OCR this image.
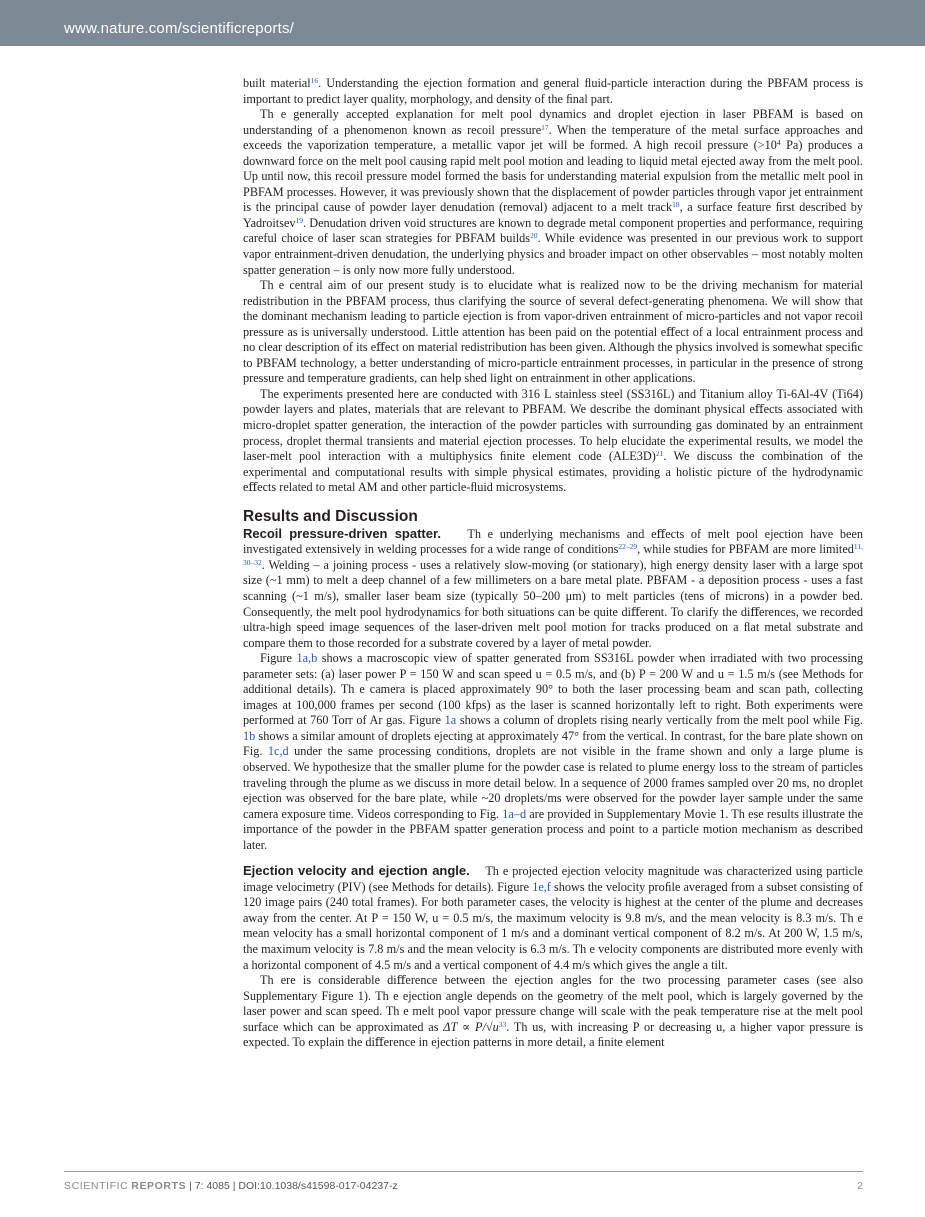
www.nature.com/scientificreports/

built material$^{16}$. Understanding the ejection formation and general ﬂuid-particle interaction during the PBFAM process is important to predict layer quality, morphology, and density of the ﬁnal part.

Th e generally accepted explanation for melt pool dynamics and droplet ejection in laser PBFAM is based on understanding of a phenomenon known as recoil pressure$^{17}$. When the temperature of the metal surface approaches and exceeds the vaporization temperature, a metallic vapor jet will be formed. A high recoil pressure ($>10^4$ Pa) produces a downward force on the melt pool causing rapid melt pool motion and leading to liquid metal ejected away from the melt pool. Up until now, this recoil pressure model formed the basis for understanding material expulsion from the metallic melt pool in PBFAM processes. However, it was previously shown that the displacement of powder particles through vapor jet entrainment is the principal cause of powder layer denudation (removal) adjacent to a melt track$^{18}$, a surface feature ﬁrst described by Yadroitsev$^{19}$. Denudation driven void structures are known to degrade metal component properties and performance, requiring careful choice of laser scan strategies for PBFAM builds$^{20}$. While evidence was presented in our previous work to support vapor entrainment-driven denudation, the underlying physics and broader impact on other observables – most notably molten spatter generation – is only now more fully understood.

Th e central aim of our present study is to elucidate what is realized now to be the driving mechanism for material redistribution in the PBFAM process, thus clarifying the source of several defect-generating phenomena. We will show that the dominant mechanism leading to particle ejection is from vapor-driven entrainment of micro-particles and not vapor recoil pressure as is universally understood. Little attention has been paid on the potential eﬀect of a local entrainment process and no clear description of its eﬀect on material redistribution has been given. Although the physics involved is somewhat speciﬁc to PBFAM technology, a better understanding of micro-particle entrainment processes, in particular in the presence of strong pressure and temperature gradients, can help shed light on entrainment in other applications.

The experiments presented here are conducted with 316 L stainless steel (SS316L) and Titanium alloy Ti-6Al-4V (Ti64) powder layers and plates, materials that are relevant to PBFAM. We describe the dominant physical eﬀects associated with micro-droplet spatter generation, the interaction of the powder particles with surrounding gas dominated by an entrainment process, droplet thermal transients and material ejection processes. To help elucidate the experimental results, we model the laser-melt pool interaction with a multiphysics ﬁnite element code (ALE3D)$^{21}$. We discuss the combination of the experimental and computational results with simple physical estimates, providing a holistic picture of the hydrodynamic eﬀects related to metal AM and other particle-ﬂuid microsystems.

Results and Discussion

Recoil pressure-driven spatter. Th e underlying mechanisms and eﬀects of melt pool ejection have been investigated extensively in welding processes for a wide range of conditions$^{22-29}$, while studies for PBFAM are more limited$^{11, 30-32}$. Welding – a joining process - uses a relatively slow-moving (or stationary), high energy density laser with a large spot size (~1 mm) to melt a deep channel of a few millimeters on a bare metal plate. PBFAM - a deposition process - uses a fast scanning (~1 m/s), smaller laser beam size (typically 50–200 μm) to melt particles (tens of microns) in a powder bed. Consequently, the melt pool hydrodynamics for both situations can be quite diﬀerent. To clarify the diﬀerences, we recorded ultra-high speed image sequences of the laser-driven melt pool motion for tracks produced on a ﬂat metal substrate and compare them to those recorded for a substrate covered by a layer of metal powder.

Figure 1a,b shows a macroscopic view of spatter generated from SS316L powder when irradiated with two processing parameter sets: (a) laser power P = 150 W and scan speed u = 0.5 m/s, and (b) P = 200 W and u = 1.5 m/s (see Methods for additional details). Th e camera is placed approximately 90° to both the laser processing beam and scan path, collecting images at 100,000 frames per second (100 kfps) as the laser is scanned horizontally left to right. Both experiments were performed at 760 Torr of Ar gas. Figure 1a shows a column of droplets rising nearly vertically from the melt pool while Fig. 1b shows a similar amount of droplets ejecting at approximately 47° from the vertical. In contrast, for the bare plate shown on Fig. 1c,d under the same processing conditions, droplets are not visible in the frame shown and only a large plume is observed. We hypothesize that the smaller plume for the powder case is related to plume energy loss to the stream of particles traveling through the plume as we discuss in more detail below. In a sequence of 2000 frames sampled over 20 ms, no droplet ejection was observed for the bare plate, while ~20 droplets/ms were observed for the powder layer sample under the same camera exposure time. Videos corresponding to Fig. 1a–d are provided in Supplementary Movie 1. Th ese results illustrate the importance of the powder in the PBFAM spatter generation process and point to a particle motion mechanism as described later.

Ejection velocity and ejection angle. Th e projected ejection velocity magnitude was characterized using particle image velocimetry (PIV) (see Methods for details). Figure 1e,f shows the velocity proﬁle averaged from a subset consisting of 120 image pairs (240 total frames). For both parameter cases, the velocity is highest at the center of the plume and decreases away from the center. At P = 150 W, u = 0.5 m/s, the maximum velocity is 9.8 m/s, and the mean velocity is 8.3 m/s. Th e mean velocity has a small horizontal component of 1 m/s and a dominant vertical component of 8.2 m/s. At 200 W, 1.5 m/s, the maximum velocity is 7.8 m/s and the mean velocity is 6.3 m/s. Th e velocity components are distributed more evenly with a horizontal component of 4.5 m/s and a vertical component of 4.4 m/s which gives the angle a tilt.

Th ere is considerable diﬀerence between the ejection angles for the two processing parameter cases (see also Supplementary Figure 1). Th e ejection angle depends on the geometry of the melt pool, which is largely governed by the laser power and scan speed. Th e melt pool vapor pressure change will scale with the peak temperature rise at the melt pool surface which can be approximated as ΔT ∝ P/√u$^{33}$. Th us, with increasing P or decreasing u, a higher vapor pressure is expected. To explain the diﬀerence in ejection patterns in more detail, a ﬁnite element

SCIENTIFIC REPORTS | 7: 4085 | DOI:10.1038/s41598-017-04237-z	2
